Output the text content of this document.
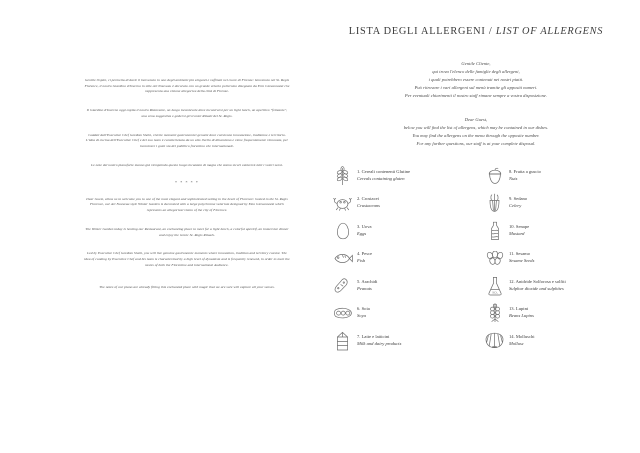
Gentile Ospite, ci permetta di darle il benvenuto in uno degli ambienti più eleganti e raffinati nel cuore di Firenze: benvenuto nel St. Regis Florence, il nostro Giardino d'Inverno in stile Art Nouveau è decorato con un grande velario policromo disegnato da Erio Giovannozzi che rappresenta una visione allegorica della città di Firenze.

Il Giardino d'Inverno oggi ospita il nostro Ristorante, un luogo incantevole dove incontrarsi per un light lunch, un aperitivo "frizzante", una cena suggestiva e godersi gli iconici Rituali del St. Regis.

Guidati dall'Executive Chef Gordian Shehi, vivrete momenti gastronomici genuini dove convivono innovazione, tradizione e territorio. L'idea di cucina dell'Executive Chef e del suo team è caratterizzata da un alto livello di dinamismo e viene frequentemente rinnovata, per incontrare i gusti sia del pubblico fiorentino che internazionale.

Le note del nostro pianoforte stanno già riempiendo questo luogo incantato di magia che siamo sicuri catturerà tutti i vostri sensi.

* * * * *

Dear Guest, allow us to welcome you to one of the most elegant and sophisticated setting in the heart of Florence: hosted in the St. Regis Florence, our Art Nouveau style Winter Garden is decorated with a large polychrome velarium designed by Ezio Giovannozzi which represents an allegorical vision of the city of Florence.

The Winter Garden today is hosting our Restaurant, an enchanting place to meet for a light lunch, a colorful aperitif, an immersive dinner and enjoy the iconic St. Regis Rituals.

Led by Executive Chef Gordian Shehi, you will live genuine gastronomic moments where innovation, tradition and territory coexist. The idea of cooking by Executive Chef and his team is characterized by a high level of dynamism and is frequently renewed, in order to meet the tastes of both the Florentine and international Audience.

The notes of our piano are already filling this enchanted place with magic that we are sure will capture all your senses.

LISTA DEGLI ALLERGENI / LIST OF ALLERGENS
Gentile Cliente,
qui trova l'elenco delle famiglie degli allergeni,
i quali potrebbero essere contenuti nei nostri piatti.
Può ritrovare i vari allergeni sul menù tramite gli appositi numeri.
Per eventuali chiarimenti il nostro staff rimane sempre a vostra disposizione.
Dear Guest,
below you will find the list of allergens, which may be contained in our dishes.
You may find the allergens on the menu through the opposite number.
For any further questions, our staff is at your complete disposal.
1. Cereali contenenti Glutine
Cereals containing gluten
2. Crostacei
Crustaceans
3. Uova
Eggs
4. Pesce
Fish
5. Arachidi
Peanuts
6. Soia
Soya
7. Latte e latticini
Milk and dairy products
8. Frutta a guscio
Nuts
9. Sedano
Celery
10. Senape
Mustard
11. Sesamo
Sesame Seeds
SO₂
12. Anidride Solforosa e solfiti
Sulphur dioxide and sulphites
13. Lupini
Beans Lupins
14. Molluschi
Mollusc
